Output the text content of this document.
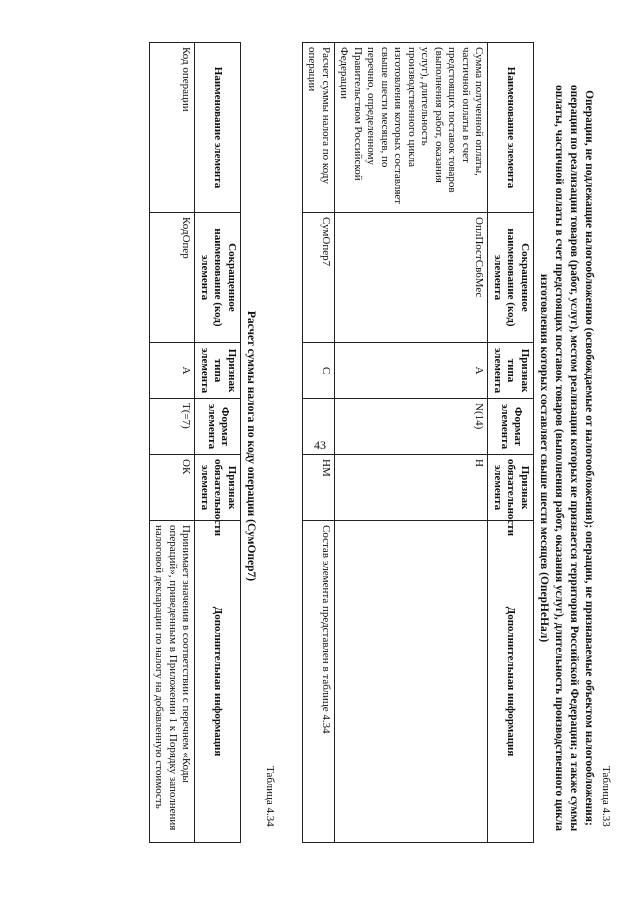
43
Таблица 4.33
Операции, не подлежащие налогообложению (освобождаемые от налогообложения); операции, не признаваемые объектом налогообложения; операции по реализации товаров (работ, услуг), местом реализации которых не признается территория Российской Федерации; а также суммы оплаты, частичной оплаты в счет предстоящих поставок товаров (выполнения работ, оказания услуг), длительность производственного цикла изготовления которых составляет свыше шести месяцев (ОперНеНал)
Наименование элемента	Сокращенное наименование (код) элемента	Признак типа элемента	Формат элемента	Признак обязательности элемента	Дополнительная информация
Сумма полученной оплаты, частичной оплаты в счет предстоящих поставок товаров (выполнения работ, оказания услуг), длительность производственного цикла изготовления которых составляет свыше шести месяцев, по перечню, определенному Правительством Российской Федерации	ОплПостСв6Мес	А	N(14)	Н	
Расчет суммы налога по коду операции	СумОпер7	С		НМ	Состав элемента представлен в таблице 4.34
Таблица 4.34
Расчет суммы налога по коду операции (СумОпер7)
Наименование элемента	Сокращенное наименование (код) элемента	Признак типа элемента	Формат элемента	Признак обязательности элемента	Дополнительная информация
Код операции	КодОпер	А	T(=7)	ОК	Принимает значения в соответствии с перечнем «Коды операций», приведенным в Приложении 1 к Порядку заполнения налоговой декларации по налогу на добавленную стоимость
